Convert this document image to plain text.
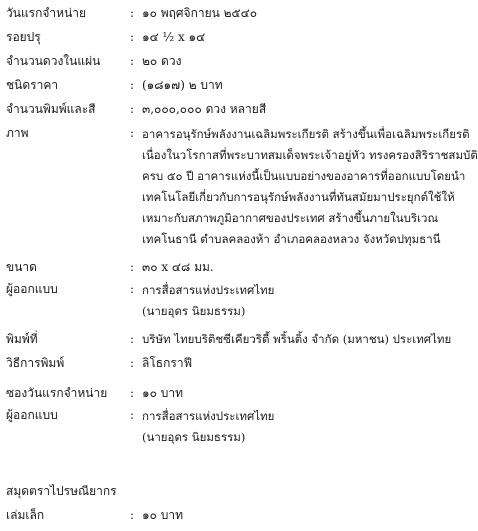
วันแรกจำหน่าย	: ๑๐ พฤศจิกายน ๒๕๔๐
รอยปรุ	: ๑๔ ½ x ๑๔
จำนวนดวงในแผ่น : ๒๐ ดวง
ชนิดราคา	: (๑๘๑๗) ๒ บาท
จำนวนพิมพ์และสี	: ๓,๐๐๐,๐๐๐ ดวง หลายสี
ภาพ	: อาคารอนุรักษ์พลังงานเฉลิมพระเกียรติ สร้างขึ้นเพื่อเฉลิมพระเกียรติ
เนื่องในวโรกาสที่พระบาทสมเด็จพระเจ้าอยู่หัว ทรงครองสิริราชสมบัติ
ครบ ๕๐ ปี อาคารแห่งนี้เป็นแบบอย่างของอาคารที่ออกแบบโดยนำ
เทคโนโลยีเกี่ยวกับการอนุรักษ์พลังงานที่ทันสมัยมาประยุกต์ใช้ให้
เหมาะกับสภาพภูมิอากาศของประเทศ สร้างขึ้นภายในบริเวณ
เทคโนธานี ตำบลคลองห้า อำเภอคลองหลวง จังหวัดปทุมธานี
ขนาด	: ๓๐ x ๔๘ มม.
ผู้ออกแบบ	: การสื่อสารแห่งประเทศไทย
(นายอุดร นิยมธรรม)
พิมพ์ที่	: บริษัท ไทยบริติชซีเคียวริตี้ พริ้นติ้ง จำกัด (มหาชน) ประเทศไทย
วิธีการพิมพ์	: ลิโธกราฟี
ซองวันแรกจำหน่าย : ๑๐ บาท
ผู้ออกแบบ	: การสื่อสารแห่งประเทศไทย
(นายอุดร นิยมธรรม)
สมุดตราไปรษณียากร
เล่มเล็ก	: ๑๐ บาท
